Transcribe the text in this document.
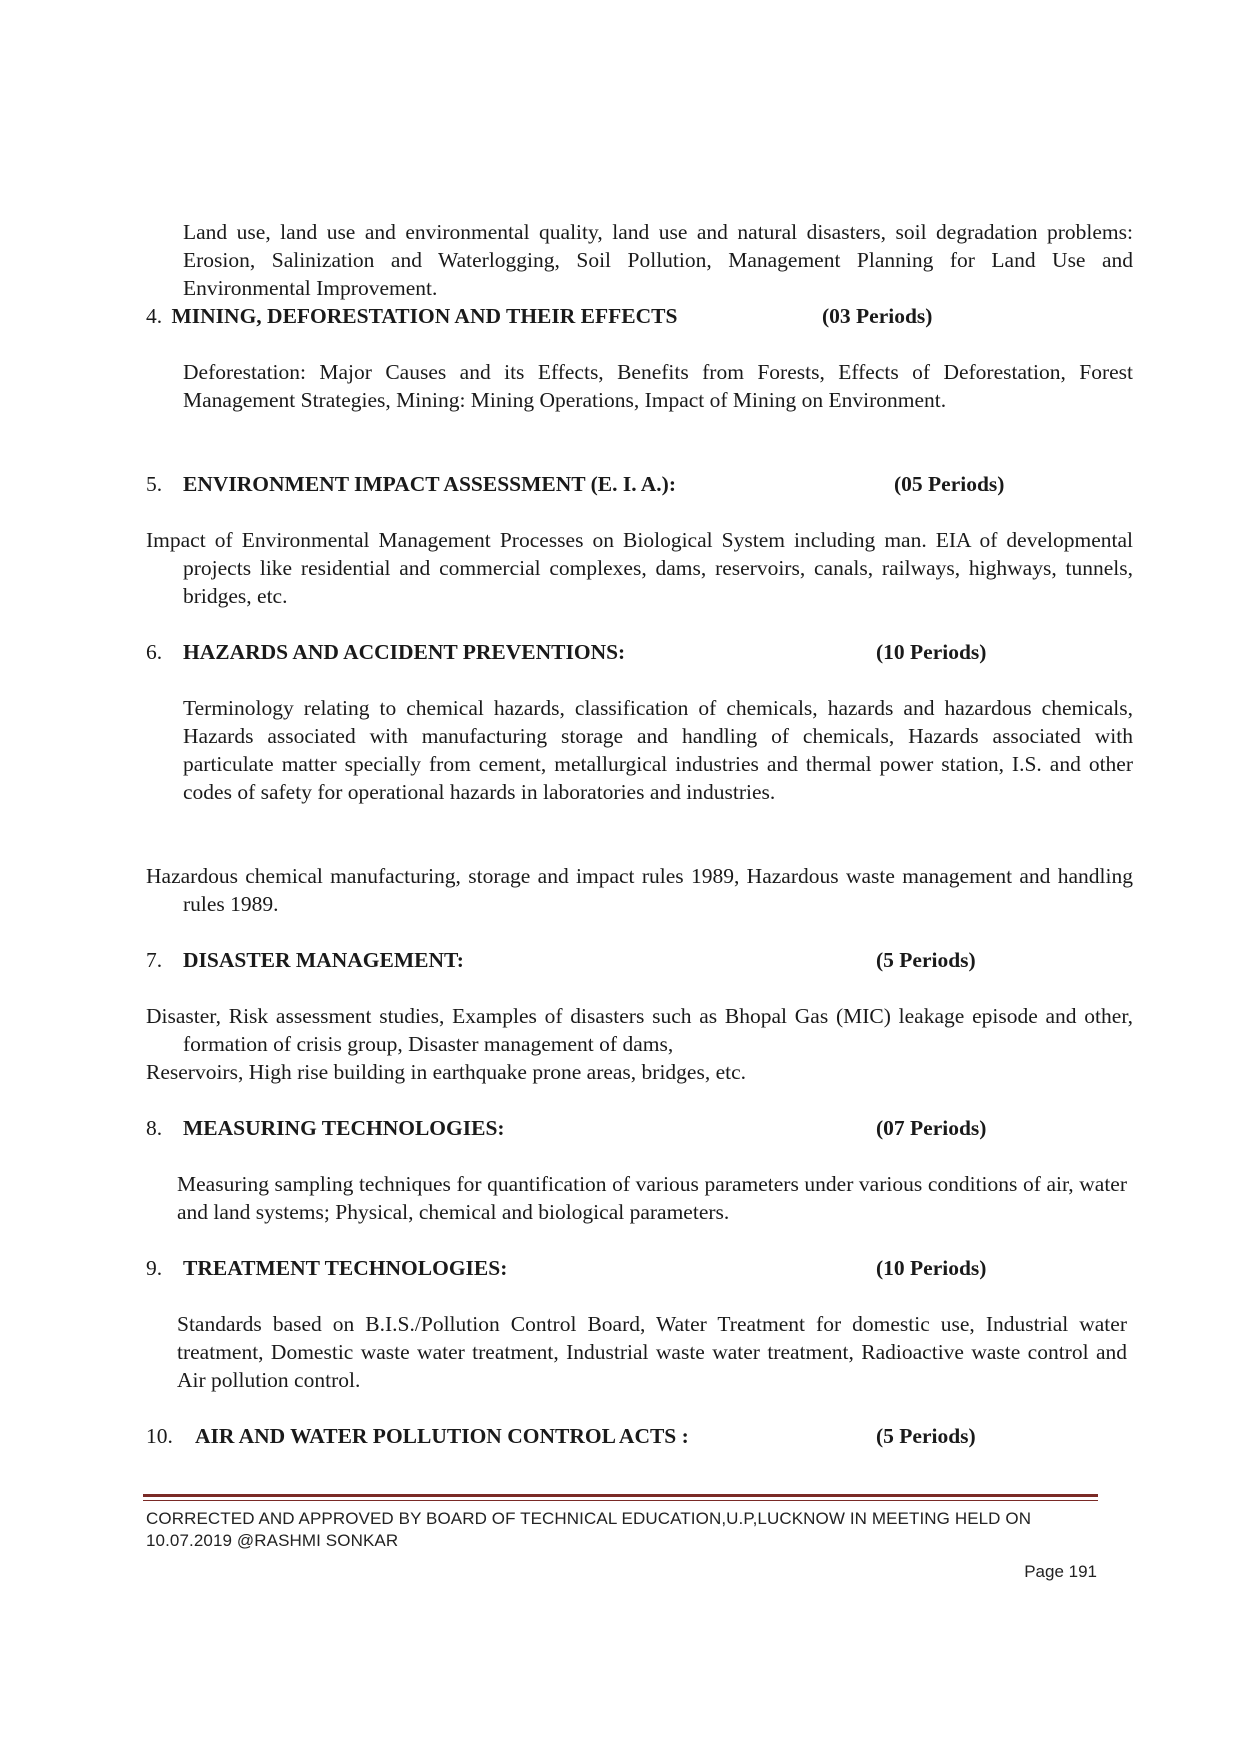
Land use, land use and environmental quality, land use and natural disasters, soil degradation problems: Erosion, Salinization and Waterlogging, Soil Pollution, Management Planning for Land Use and Environmental Improvement.
4. MINING, DEFORESTATION AND THEIR EFFECTS	(03 Periods)
Deforestation: Major Causes and its Effects, Benefits from Forests, Effects of Deforestation, Forest Management Strategies, Mining: Mining Operations, Impact of Mining on Environment.
5. ENVIRONMENT IMPACT ASSESSMENT (E. I. A.):	(05 Periods)
Impact of Environmental Management Processes on Biological System including man. EIA of developmental projects like residential and commercial complexes, dams, reservoirs, canals, railways, highways, tunnels, bridges, etc.
6. HAZARDS AND ACCIDENT PREVENTIONS:	(10 Periods)
Terminology relating to chemical hazards, classification of chemicals, hazards and hazardous chemicals, Hazards associated with manufacturing storage and handling of chemicals, Hazards associated with particulate matter specially from cement, metallurgical industries and thermal power station, I.S. and other codes of safety for operational hazards in laboratories and industries.
Hazardous chemical manufacturing, storage and impact rules 1989, Hazardous waste management and handling rules 1989.
7. DISASTER MANAGEMENT:	(5 Periods)
Disaster, Risk assessment studies, Examples of disasters such as Bhopal Gas (MIC) leakage episode and other, formation of crisis group, Disaster management of dams,
Reservoirs, High rise building in earthquake prone areas, bridges, etc.
8. MEASURING TECHNOLOGIES:	(07 Periods)
Measuring sampling techniques for quantification of various parameters under various conditions of air, water and land systems; Physical, chemical and biological parameters.
9. TREATMENT TECHNOLOGIES:	(10 Periods)
Standards based on B.I.S./Pollution Control Board, Water Treatment for domestic use, Industrial water treatment, Domestic waste water treatment, Industrial waste water treatment, Radioactive waste control and Air pollution control.
10. AIR AND WATER POLLUTION CONTROL ACTS :	(5 Periods)
CORRECTED AND APPROVED BY BOARD OF TECHNICAL EDUCATION,U.P,LUCKNOW IN MEETING HELD ON
10.07.2019 @RASHMI SONKAR
Page 191
